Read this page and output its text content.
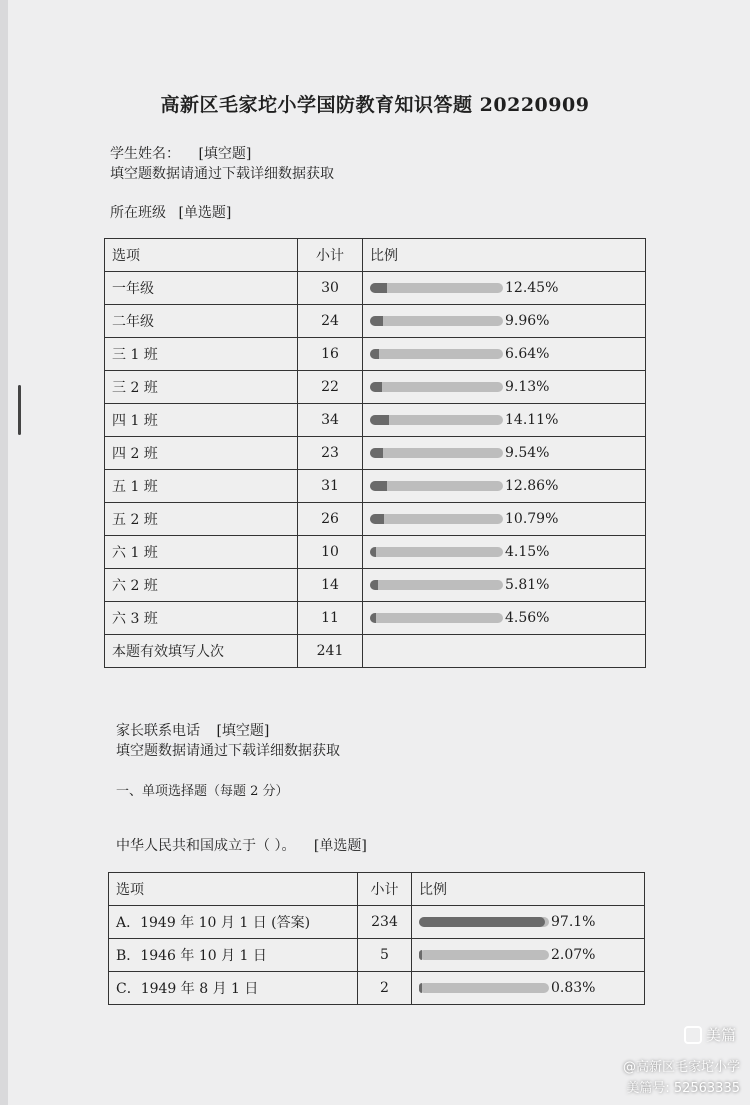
高新区毛家坨小学国防教育知识答题 20220909
学生姓名： [填空题]
填空题数据请通过下载详细数据获取
所在班级 [单选题]
选项	小计	比例
一年级	30	12.45%

二年级	24	9.96%

三 1 班	16	6.64%

三 2 班	22	9.13%

四 1 班	34	14.11%

四 2 班	23	9.54%

五 1 班	31	12.86%

五 2 班	26	10.79%

六 1 班	10	4.15%

六 2 班	14	5.81%

六 3 班	11	4.56%

本题有效填写人次	241	
家长联系电话 [填空题]
填空题数据请通过下载详细数据获取
一、单项选择题（每题 2 分）
中华人民共和国成立于（ ）。 [单选题]
选项	小计	比例
A．1949 年 10 月 1 日 (答案)	234	97.1%

B．1946 年 10 月 1 日	5	2.07%

C．1949 年 8 月 1 日	2	0.83%
美篇
@高新区毛家坨小学
美篇号: 52563335
